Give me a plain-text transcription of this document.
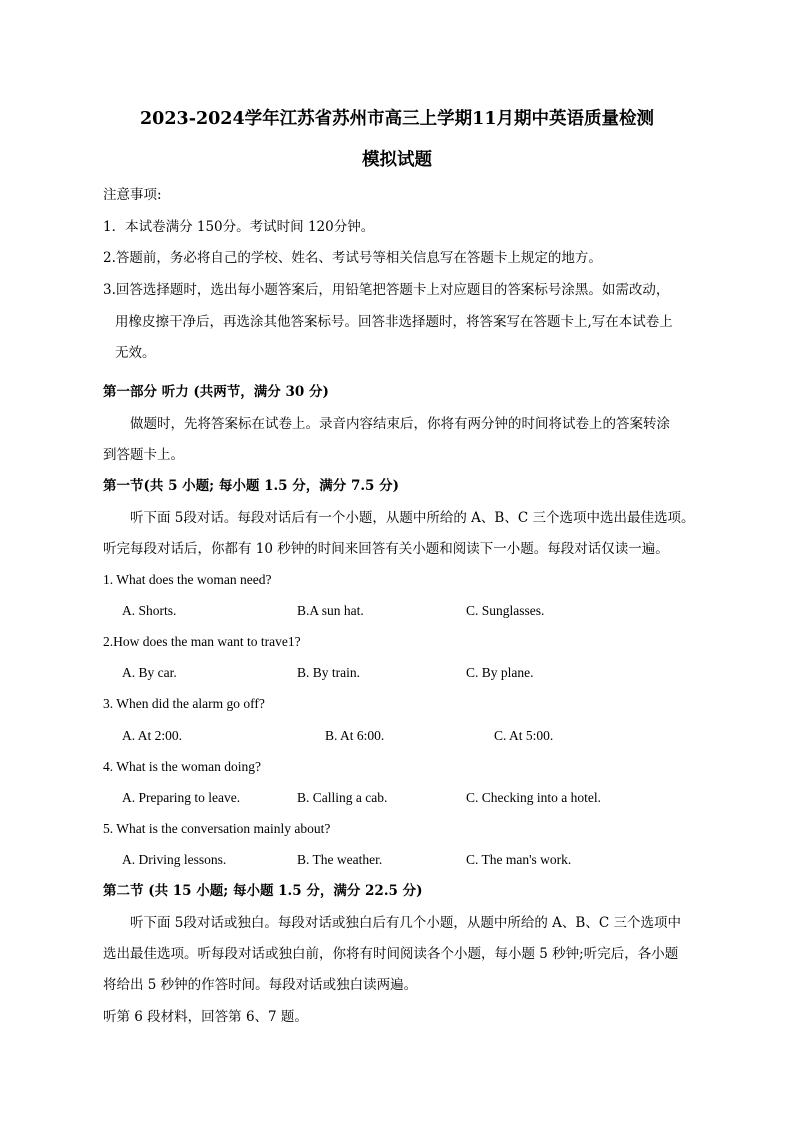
2023-2024学年江苏省苏州市高三上学期11月期中英语质量检测
模拟试题
注意事项:
1．本试卷满分 150分。考试时间 120分钟。
2.答题前，务必将自己的学校、姓名、考试号等相关信息写在答题卡上规定的地方。
3.回答选择题时，选出每小题答案后，用铅笔把答题卡上对应题目的答案标号涂黑。如需改动，
用橡皮擦干净后，再选涂其他答案标号。回答非选择题时，将答案写在答题卡上,写在本试卷上
无效。
第一部分 听力 (共两节，满分 30 分)
做题时，先将答案标在试卷上。录音内容结束后，你将有两分钟的时间将试卷上的答案转涂
到答题卡上。
第一节(共 5 小题; 每小题 1.5 分，满分 7.5 分)
听下面 5段对话。每段对话后有一个小题，从题中所给的 A、B、C 三个选项中选出最佳选项。
听完每段对话后，你都有 10 秒钟的时间来回答有关小题和阅读下一小题。每段对话仅读一遍。
1. What does the woman need?
A. Shorts.	B.A sun hat.	C. Sunglasses.
2.How does the man want to trave1?
A. By car.	B. By train.	C. By plane.
3. When did the alarm go off?
A. At 2:00.	B. At 6:00.	C. At 5:00.
4. What is the woman doing?
A. Preparing to leave.	B. Calling a cab.	C. Checking into a hotel.
5. What is the conversation mainly about?
A. Driving lessons.	B. The weather.	C. The man's work.
第二节 (共 15 小题; 每小题 1.5 分，满分 22.5 分)
听下面 5段对话或独白。每段对话或独白后有几个小题，从题中所给的 A、B、C 三个选项中
选出最佳选项。听每段对话或独白前，你将有时间阅读各个小题，每小题 5 秒钟;听完后，各小题
将给出 5 秒钟的作答时间。每段对话或独白读两遍。
听第 6 段材料，回答第 6、7 题。
